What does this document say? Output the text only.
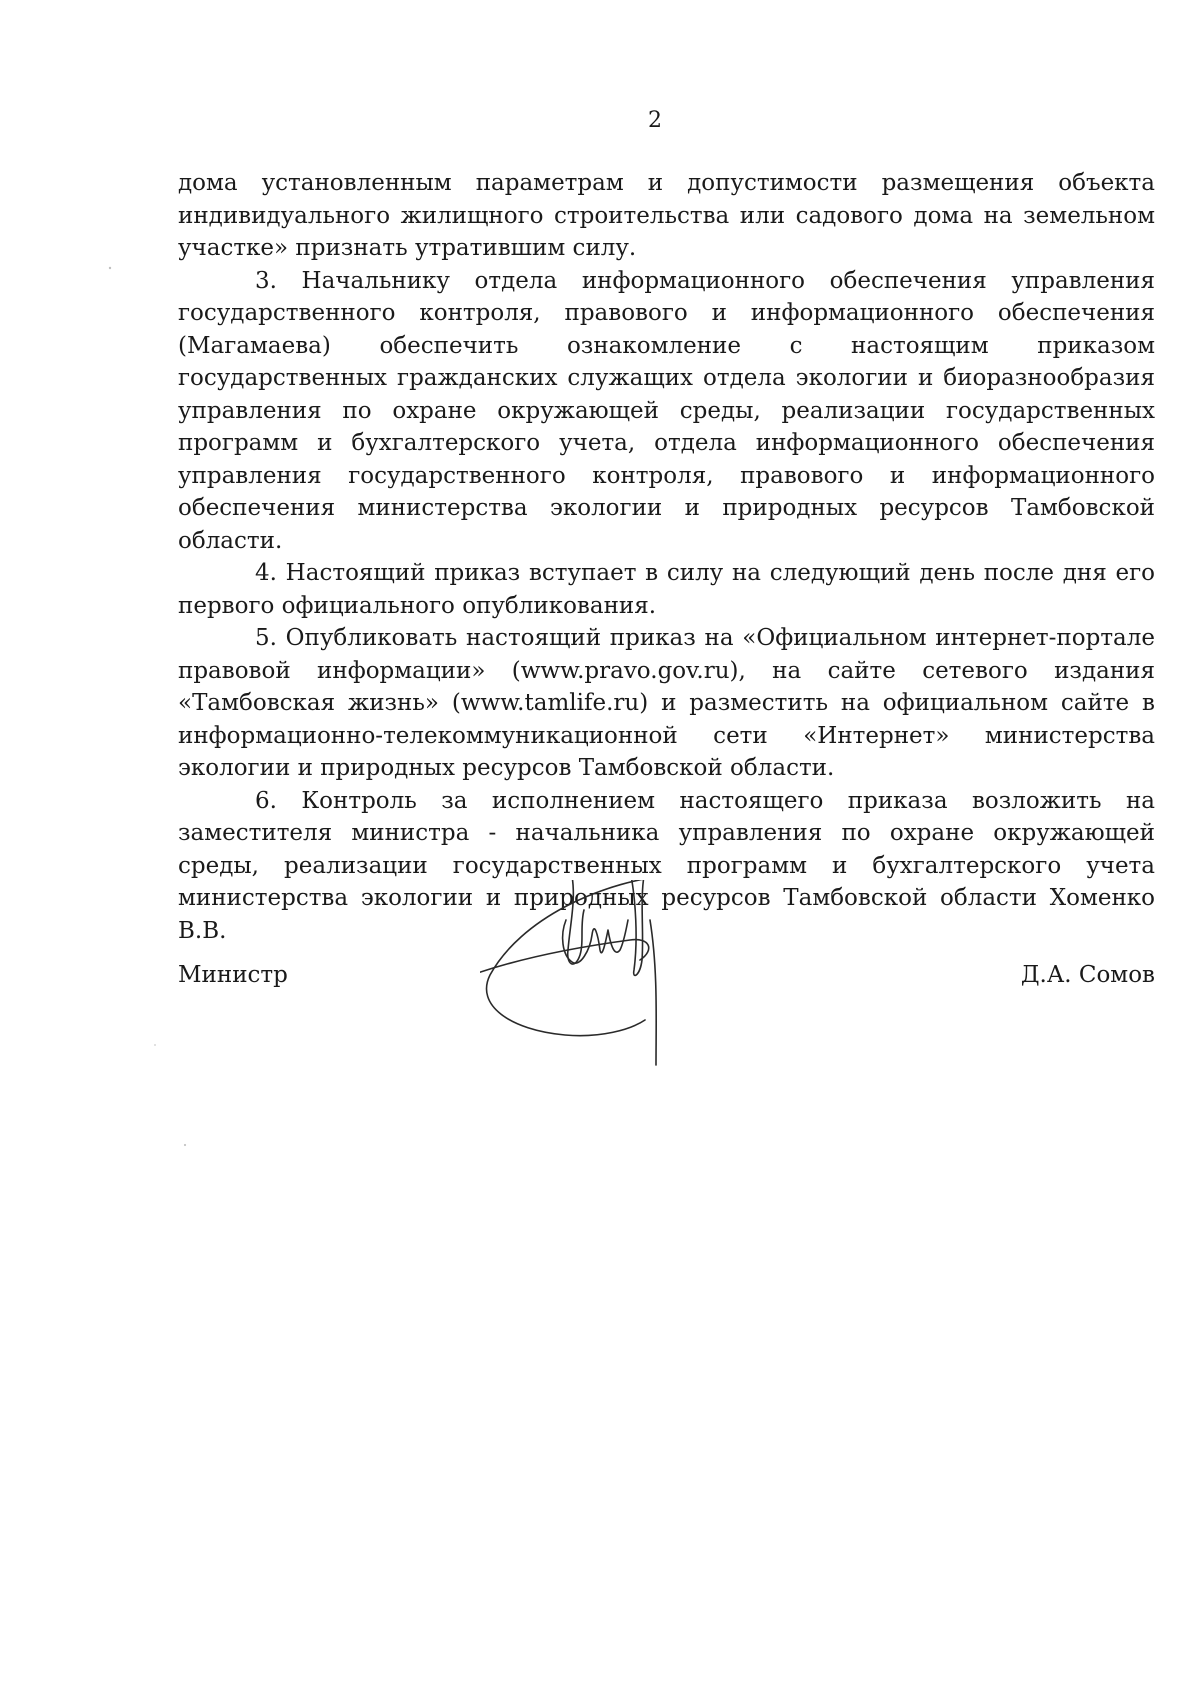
2

дома установленным параметрам и допустимости размещения объекта индивидуального жилищного строительства или садового дома на земельном участке» признать утратившим силу.

3. Начальнику отдела информационного обеспечения управления государственного контроля, правового и информационного обеспечения (Магамаева) обеспечить ознакомление с настоящим приказом государственных гражданских служащих отдела экологии и биоразнообразия управления по охране окружающей среды, реализации государственных программ и бухгалтерского учета, отдела информационного обеспечения управления государственного контроля, правового и информационного обеспечения министерства экологии и природных ресурсов Тамбовской области.

4. Настоящий приказ вступает в силу на следующий день после дня его первого официального опубликования.

5. Опубликовать настоящий приказ на «Официальном интернет-портале правовой информации» (www.pravo.gov.ru), на сайте сетевого издания «Тамбовская жизнь» (www.tamlife.ru) и разместить на официальном сайте в информационно-телекоммуникационной сети «Интернет» министерства экологии и природных ресурсов Тамбовской области.

6. Контроль за исполнением настоящего приказа возложить на заместителя министра - начальника управления по охране окружающей среды, реализации государственных программ и бухгалтерского учета министерства экологии и природных ресурсов Тамбовской области Хоменко В.В.

Министр	Д.А. Сомов
